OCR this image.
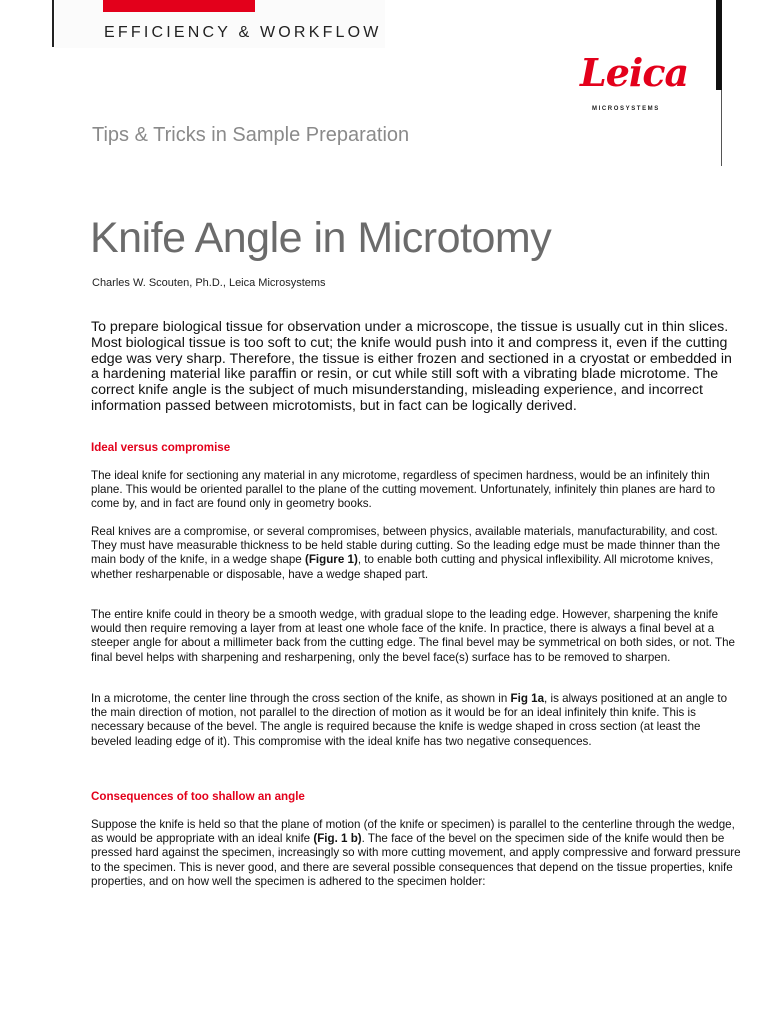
EFFICIENCY & WORKFLOW
Leica
MICROSYSTEMS
Tips & Tricks in Sample Preparation
Knife Angle in Microtomy

Charles W. Scouten, Ph.D., Leica Microsystems

To prepare biological tissue for observation under a microscope, the tissue is usually cut in thin slices. Most biological tissue is too soft to cut; the knife would push into it and compress it, even if the cutting edge was very sharp. Therefore, the tissue is either frozen and sectioned in a cryostat or embedded in a hardening material like paraffin or resin, or cut while still soft with a vibrating blade microtome. The correct knife angle is the subject of much misunderstanding, misleading experience, and incorrect information passed between microtomists, but in fact can be logically derived.

Ideal versus compromise

The ideal knife for sectioning any material in any microtome, regardless of specimen hardness, would be an infinitely thin plane. This would be oriented parallel to the plane of the cutting movement. Unfortunately, infinitely thin planes are hard to come by, and in fact are found only in geometry books.

Real knives are a compromise, or several compromises, between physics, available materials, manufacturability, and cost. They must have measurable thickness to be held stable during cutting. So the leading edge must be made thinner than the main body of the knife, in a wedge shape (Figure 1), to enable both cutting and physical inflexibility. All microtome knives, whether resharpenable or disposable, have a wedge shaped part.

The entire knife could in theory be a smooth wedge, with gradual slope to the leading edge. However, sharpening the knife would then require removing a layer from at least one whole face of the knife. In practice, there is always a final bevel at a steeper angle for about a millimeter back from the cutting edge. The final bevel may be symmetrical on both sides, or not. The final bevel helps with sharpening and resharpening, only the bevel face(s) surface has to be removed to sharpen.

In a microtome, the center line through the cross section of the knife, as shown in Fig 1a, is always positioned at an angle to the main direction of motion, not parallel to the direction of motion as it would be for an ideal infinitely thin knife. This is necessary because of the bevel. The angle is required because the knife is wedge shaped in cross section (at least the beveled leading edge of it). This compromise with the ideal knife has two negative consequences.

Consequences of too shallow an angle

Suppose the knife is held so that the plane of motion (of the knife or specimen) is parallel to the centerline through the wedge, as would be appropriate with an ideal knife (Fig. 1 b). The face of the bevel on the specimen side of the knife would then be pressed hard against the specimen, increasingly so with more cutting movement, and apply compressive and forward pressure to the specimen. This is never good, and there are several possible consequences that depend on the tissue properties, knife properties, and on how well the specimen is adhered to the specimen holder:
